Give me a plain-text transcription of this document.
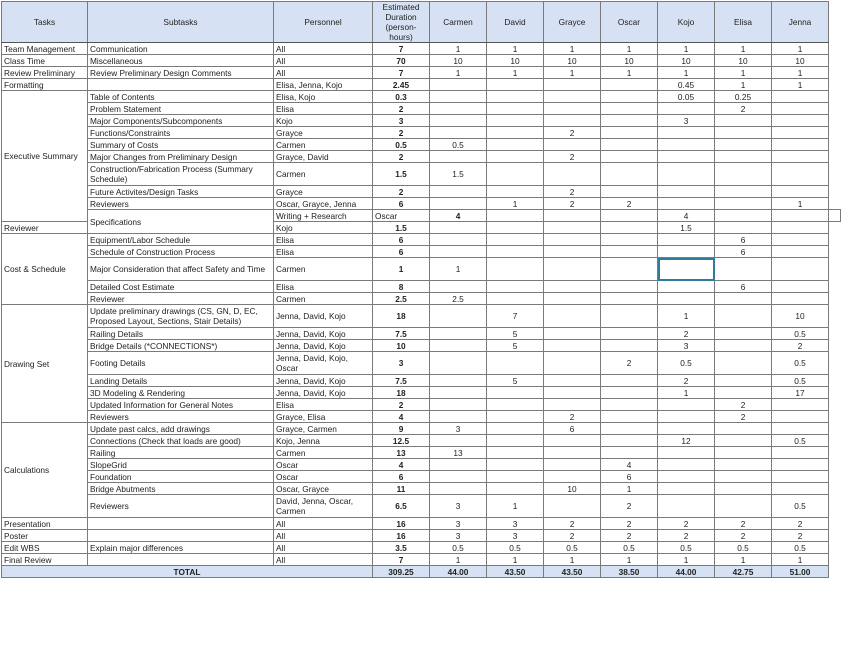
Tasks	Subtasks	Personnel	Estimated Duration (person-hours)	Carmen	David	Grayce	Oscar	Kojo	Elisa	Jenna	
Team Management	Communication	All	7	1	1	1	1	1	1	1	
Class Time	Miscellaneous	All	70	10	10	10	10	10	10	10	
Review Preliminary	Review Preliminary Design Comments	All	7	1	1	1	1	1	1	1	
Formatting		Elisa, Jenna, Kojo	2.45					0.45	1	1	
Executive Summary	Table of Contents	Elisa, Kojo	0.3					0.05	0.25		
	Problem Statement	Elisa	2						2		
	Major Components/Subcomponents	Kojo	3					3			
	Functions/Constraints	Grayce	2			2					
	Summary of Costs	Carmen	0.5	0.5							
	Major Changes from Preliminary Design	Grayce, David	2			2					
	Construction/Fabrication Process (Summary Schedule)	Carmen	1.5	1.5							
	Future Activites/Design Tasks	Grayce	2			2					
	Reviewers	Oscar, Grayce, Jenna	6		1	2	2			1	
	Specifications	Writing + Research	Oscar	4				4			
Reviewer		Kojo	1.5					1.5			
Cost & Schedule	Equipment/Labor Schedule	Elisa	6						6		
	Schedule of Construction Process	Elisa	6						6		
	Major Consideration that affect Safety and Time	Carmen	1	1							
	Detailed Cost Estimate	Elisa	8						6		
	Reviewer	Carmen	2.5	2.5							
Drawing Set	Update preliminary drawings (CS, GN, D, EC, Proposed Layout, Sections, Stair Details)	Jenna, David, Kojo	18		7			1		10	
	Railing Details	Jenna, David, Kojo	7.5		5			2		0.5	
	Bridge Details (*CONNECTIONS*)	Jenna, David, Kojo	10		5			3		2	
	Footing Details	Jenna, David, Kojo, Oscar	3				2	0.5		0.5	
	Landing Details	Jenna, David, Kojo	7.5		5			2		0.5	
	3D Modeling & Rendering	Jenna, David, Kojo	18					1		17	
	Updated Information for General Notes	Elisa	2						2		
	Reviewers	Grayce, Elisa	4			2			2		
Calculations	Update past calcs, add drawings	Grayce, Carmen	9	3		6					
	Connections (Check that loads are good)	Kojo, Jenna	12.5					12		0.5	
	Railing	Carmen	13	13							
	SlopeGrid	Oscar	4				4				
	Foundation	Oscar	6				6				
	Bridge Abutments	Oscar, Grayce	11			10	1				
	Reviewers	David, Jenna, Oscar, Carmen	6.5	3	1		2			0.5	
Presentation		All	16	3	3	2	2	2	2	2	
Poster		All	16	3	3	2	2	2	2	2	
Edit WBS	Explain major differences	All	3.5	0.5	0.5	0.5	0.5	0.5	0.5	0.5	
Final Review		All	7	1	1	1	1	1	1	1	
TOTAL			309.25	44.00	43.50	43.50	38.50	44.00	42.75	51.00	
